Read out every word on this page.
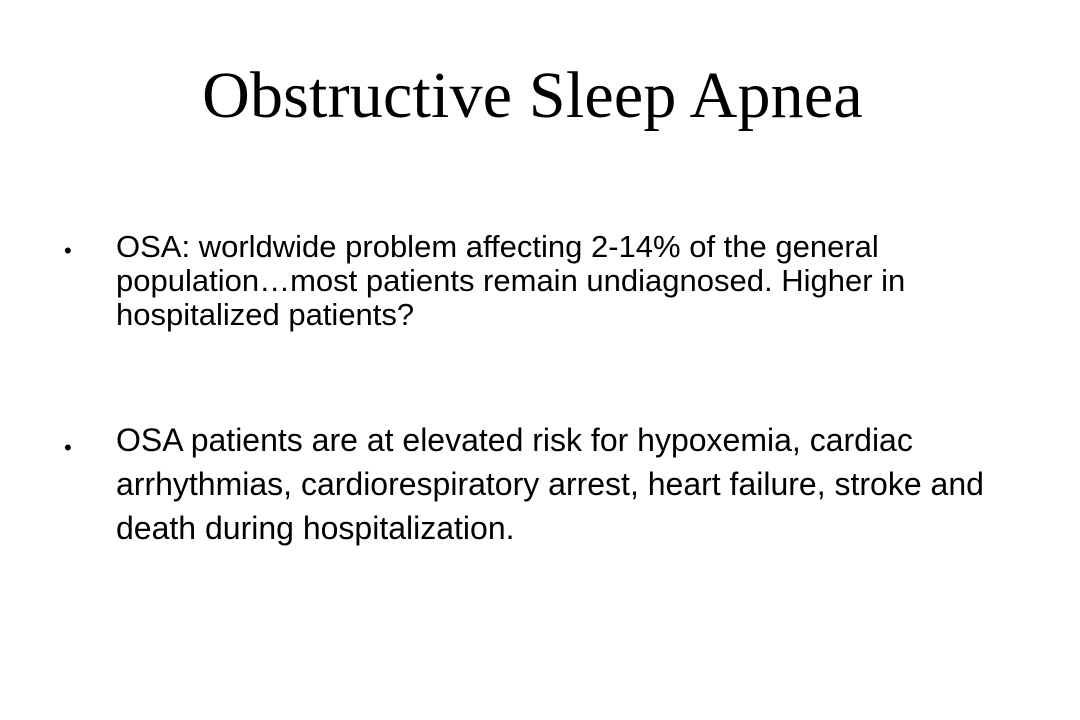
Obstructive Sleep Apnea
• OSA: worldwide problem affecting 2-14% of the general population…most patients remain undiagnosed. Higher in hospitalized patients?
• OSA patients are at elevated risk for hypoxemia, cardiac arrhythmias, cardiorespiratory arrest, heart failure, stroke and death during hospitalization.
